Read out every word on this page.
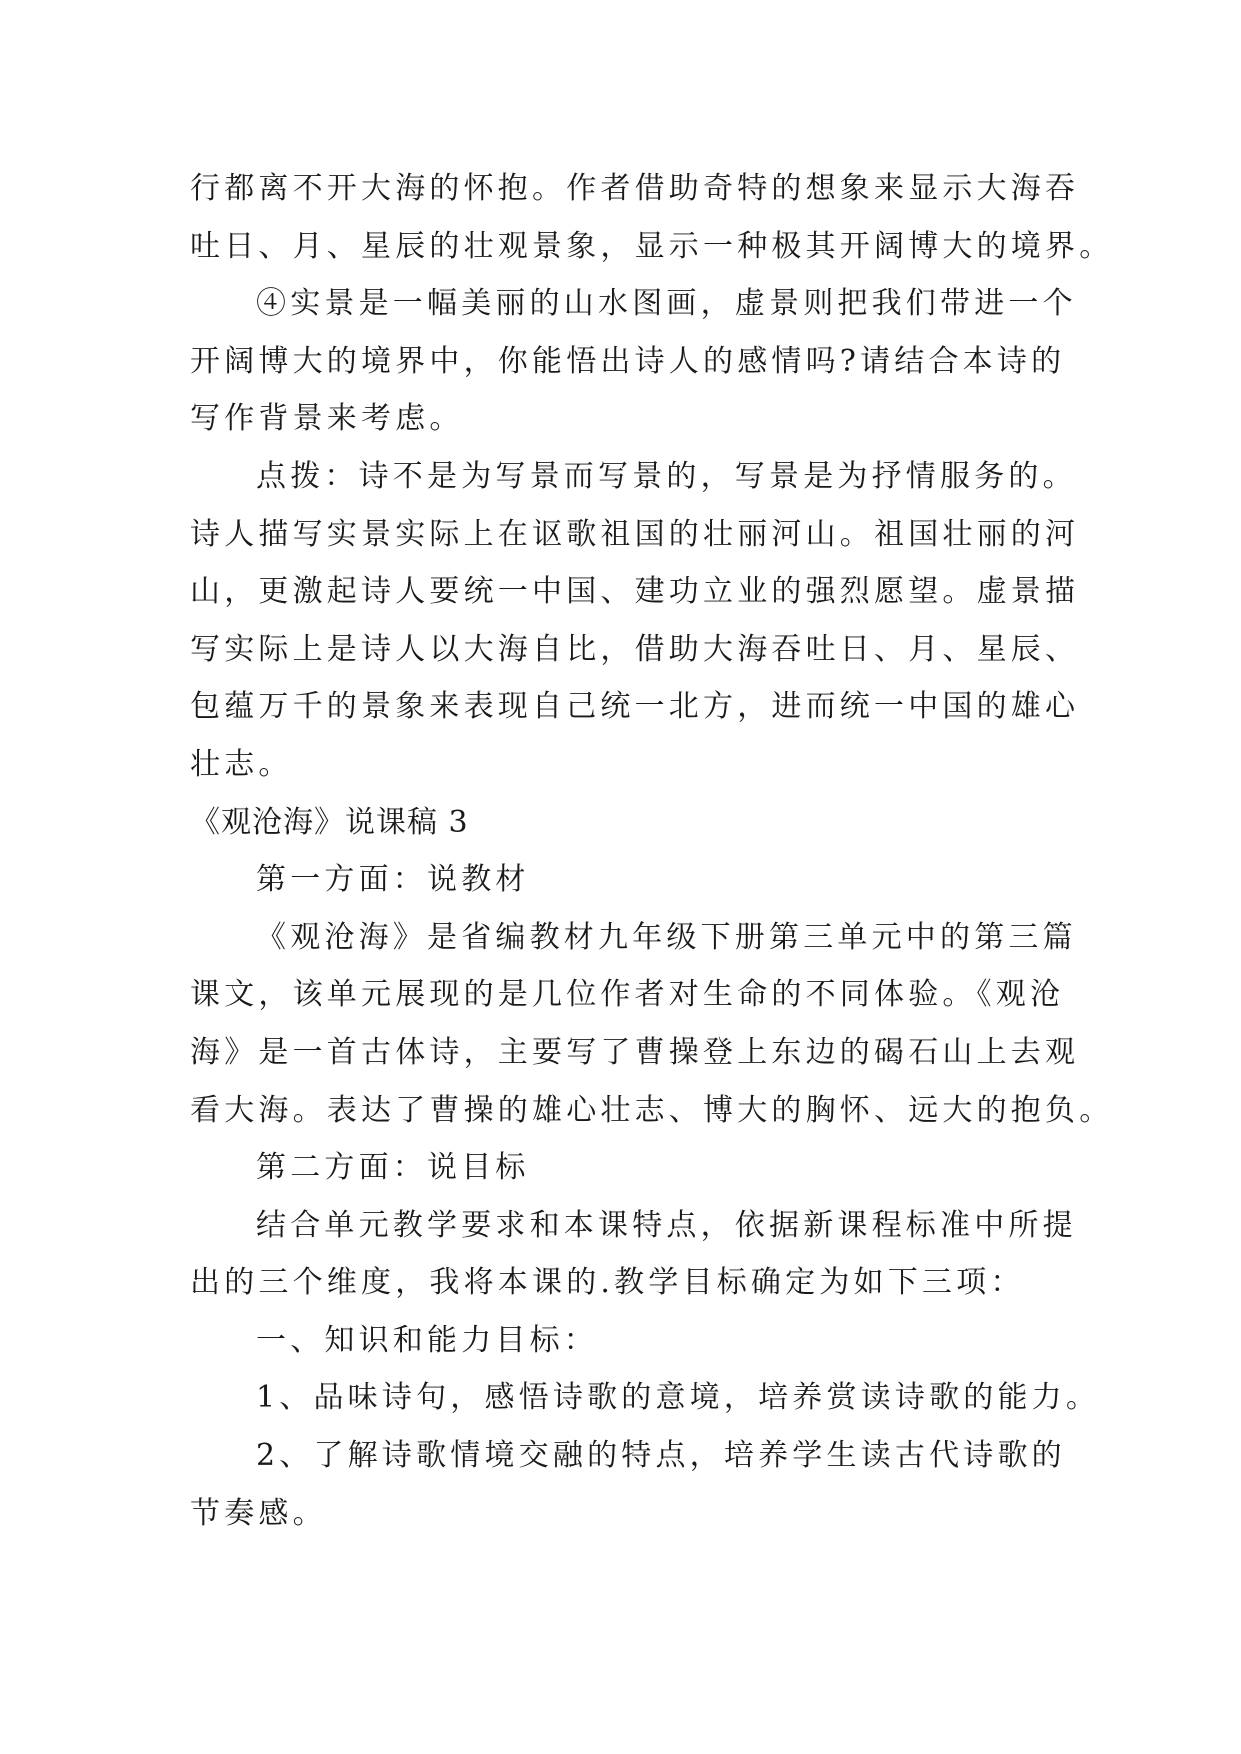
行都离不开大海的怀抱。作者借助奇特的想象来显示大海吞
吐日、月、星辰的壮观景象，显示一种极其开阔博大的境界。
④实景是一幅美丽的山水图画，虚景则把我们带进一个
开阔博大的境界中，你能悟出诗人的感情吗?请结合本诗的
写作背景来考虑。
点拨：诗不是为写景而写景的，写景是为抒情服务的。
诗人描写实景实际上在讴歌祖国的壮丽河山。祖国壮丽的河
山，更激起诗人要统一中国、建功立业的强烈愿望。虚景描
写实际上是诗人以大海自比，借助大海吞吐日、月、星辰、
包蕴万千的景象来表现自己统一北方，进而统一中国的雄心
壮志。
《观沧海》说课稿 3
第一方面：说教材
《观沧海》是省编教材九年级下册第三单元中的第三篇
课文，该单元展现的是几位作者对生命的不同体验。《观沧
海》是一首古体诗，主要写了曹操登上东边的碣石山上去观
看大海。表达了曹操的雄心壮志、博大的胸怀、远大的抱负。
第二方面：说目标
结合单元教学要求和本课特点，依据新课程标准中所提
出的三个维度，我将本课的.教学目标确定为如下三项：
一、知识和能力目标：
1、品味诗句，感悟诗歌的意境，培养赏读诗歌的能力。
2、了解诗歌情境交融的特点，培养学生读古代诗歌的
节奏感。
